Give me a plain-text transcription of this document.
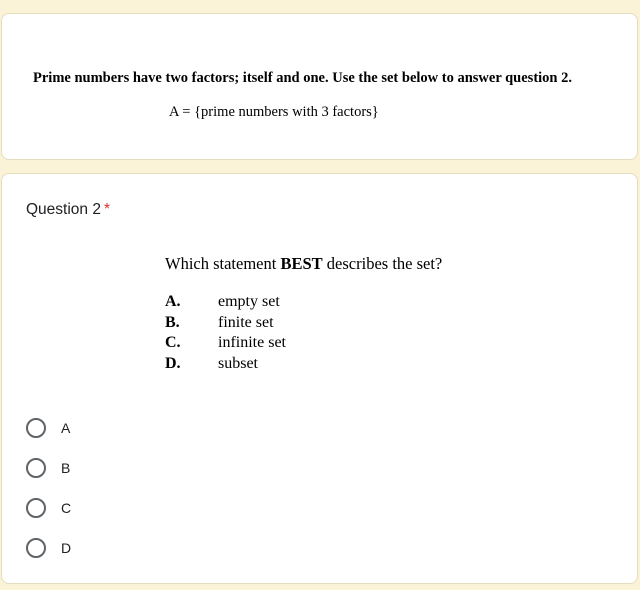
Prime numbers have two factors; itself and one. Use the set below to answer question 2.
A = {prime numbers with 3 factors}
Question 2 *
Which statement BEST describes the set?
A.	empty set
B.	finite set
C.	infinite set
D.	subset
A
B
C
D
